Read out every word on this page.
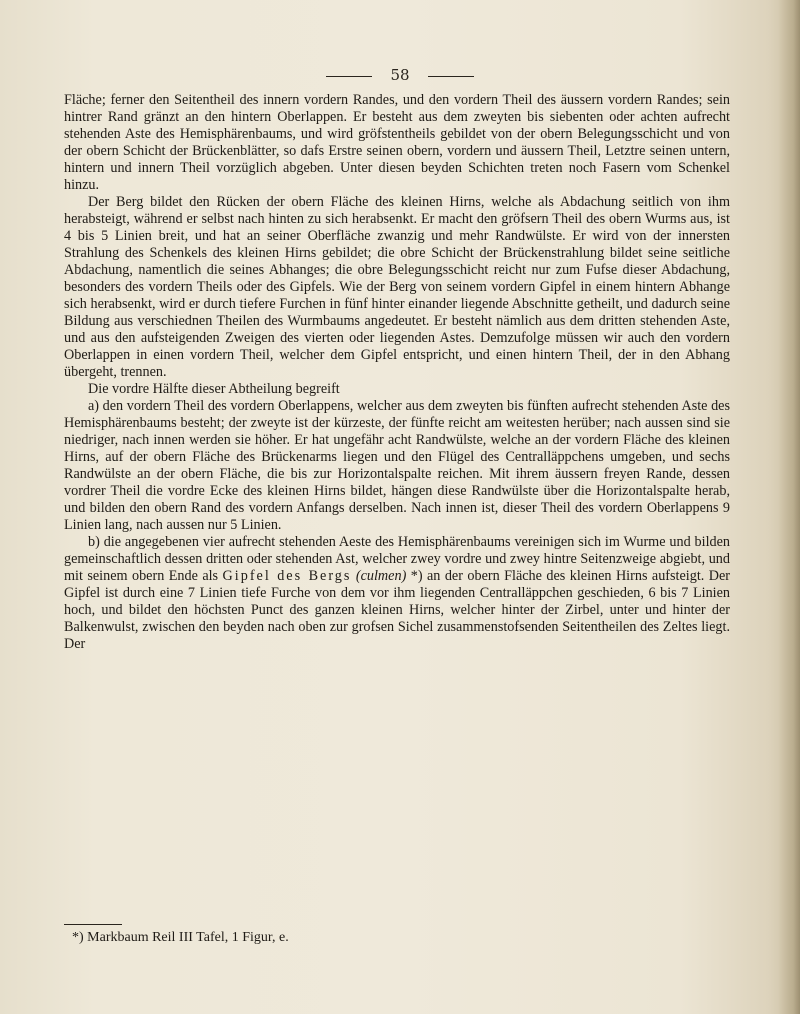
58

Fläche; ferner den Seitentheil des innern vordern Randes, und den vordern Theil des äussern vordern Randes; sein hintrer Rand gränzt an den hintern Oberlappen. Er besteht aus dem zweyten bis siebenten oder achten aufrecht stehenden Aste des Hemisphärenbaums, und wird gröfstentheils gebildet von der obern Belegungsschicht und von der obern Schicht der Brückenblätter, so dafs Erstre seinen obern, vordern und äussern Theil, Letztre seinen untern, hintern und innern Theil vorzüglich abgeben. Unter diesen beyden Schichten treten noch Fasern vom Schenkel hinzu.

Der Berg bildet den Rücken der obern Fläche des kleinen Hirns, welche als Abdachung seitlich von ihm herabsteigt, während er selbst nach hinten zu sich herabsenkt. Er macht den gröfsern Theil des obern Wurms aus, ist 4 bis 5 Linien breit, und hat an seiner Oberfläche zwanzig und mehr Randwülste. Er wird von der innersten Strahlung des Schenkels des kleinen Hirns gebildet; die obre Schicht der Brückenstrahlung bildet seine seitliche Abdachung, namentlich die seines Abhanges; die obre Belegungsschicht reicht nur zum Fufse dieser Abdachung, besonders des vordern Theils oder des Gipfels. Wie der Berg von seinem vordern Gipfel in einem hintern Abhange sich herabsenkt, wird er durch tiefere Furchen in fünf hinter einander liegende Abschnitte getheilt, und dadurch seine Bildung aus verschiednen Theilen des Wurmbaums angedeutet. Er besteht nämlich aus dem dritten stehenden Aste, und aus den aufsteigenden Zweigen des vierten oder liegenden Astes. Demzufolge müssen wir auch den vordern Oberlappen in einen vordern Theil, welcher dem Gipfel entspricht, und einen hintern Theil, der in den Abhang übergeht, trennen.

Die vordre Hälfte dieser Abtheilung begreift

a) den vordern Theil des vordern Oberlappens, welcher aus dem zweyten bis fünften aufrecht stehenden Aste des Hemisphärenbaums besteht; der zweyte ist der kürzeste, der fünfte reicht am weitesten herüber; nach aussen sind sie niedriger, nach innen werden sie höher. Er hat ungefähr acht Randwülste, welche an der vordern Fläche des kleinen Hirns, auf der obern Fläche des Brückenarms liegen und den Flügel des Centralläppchens umgeben, und sechs Randwülste an der obern Fläche, die bis zur Horizontalspalte reichen. Mit ihrem äussern freyen Rande, dessen vordrer Theil die vordre Ecke des kleinen Hirns bildet, hängen diese Randwülste über die Horizontalspalte herab, und bilden den obern Rand des vordern Anfangs derselben. Nach innen ist, dieser Theil des vordern Oberlappens 9 Linien lang, nach aussen nur 5 Linien.

b) die angegebenen vier aufrecht stehenden Aeste des Hemisphärenbaums vereinigen sich im Wurme und bilden gemeinschaftlich dessen dritten oder stehenden Ast, welcher zwey vordre und zwey hintre Seitenzweige abgiebt, und mit seinem obern Ende als Gipfel des Bergs (culmen) *) an der obern Fläche des kleinen Hirns aufsteigt. Der Gipfel ist durch eine 7 Linien tiefe Furche von dem vor ihm liegenden Centralläppchen geschieden, 6 bis 7 Linien hoch, und bildet den höchsten Punct des ganzen kleinen Hirns, welcher hinter der Zirbel, unter und hinter der Balkenwulst, zwischen den beyden nach oben zur grofsen Sichel zusammenstofsenden Seitentheilen des Zeltes liegt. Der

*) Markbaum Reil III Tafel, 1 Figur, e.
